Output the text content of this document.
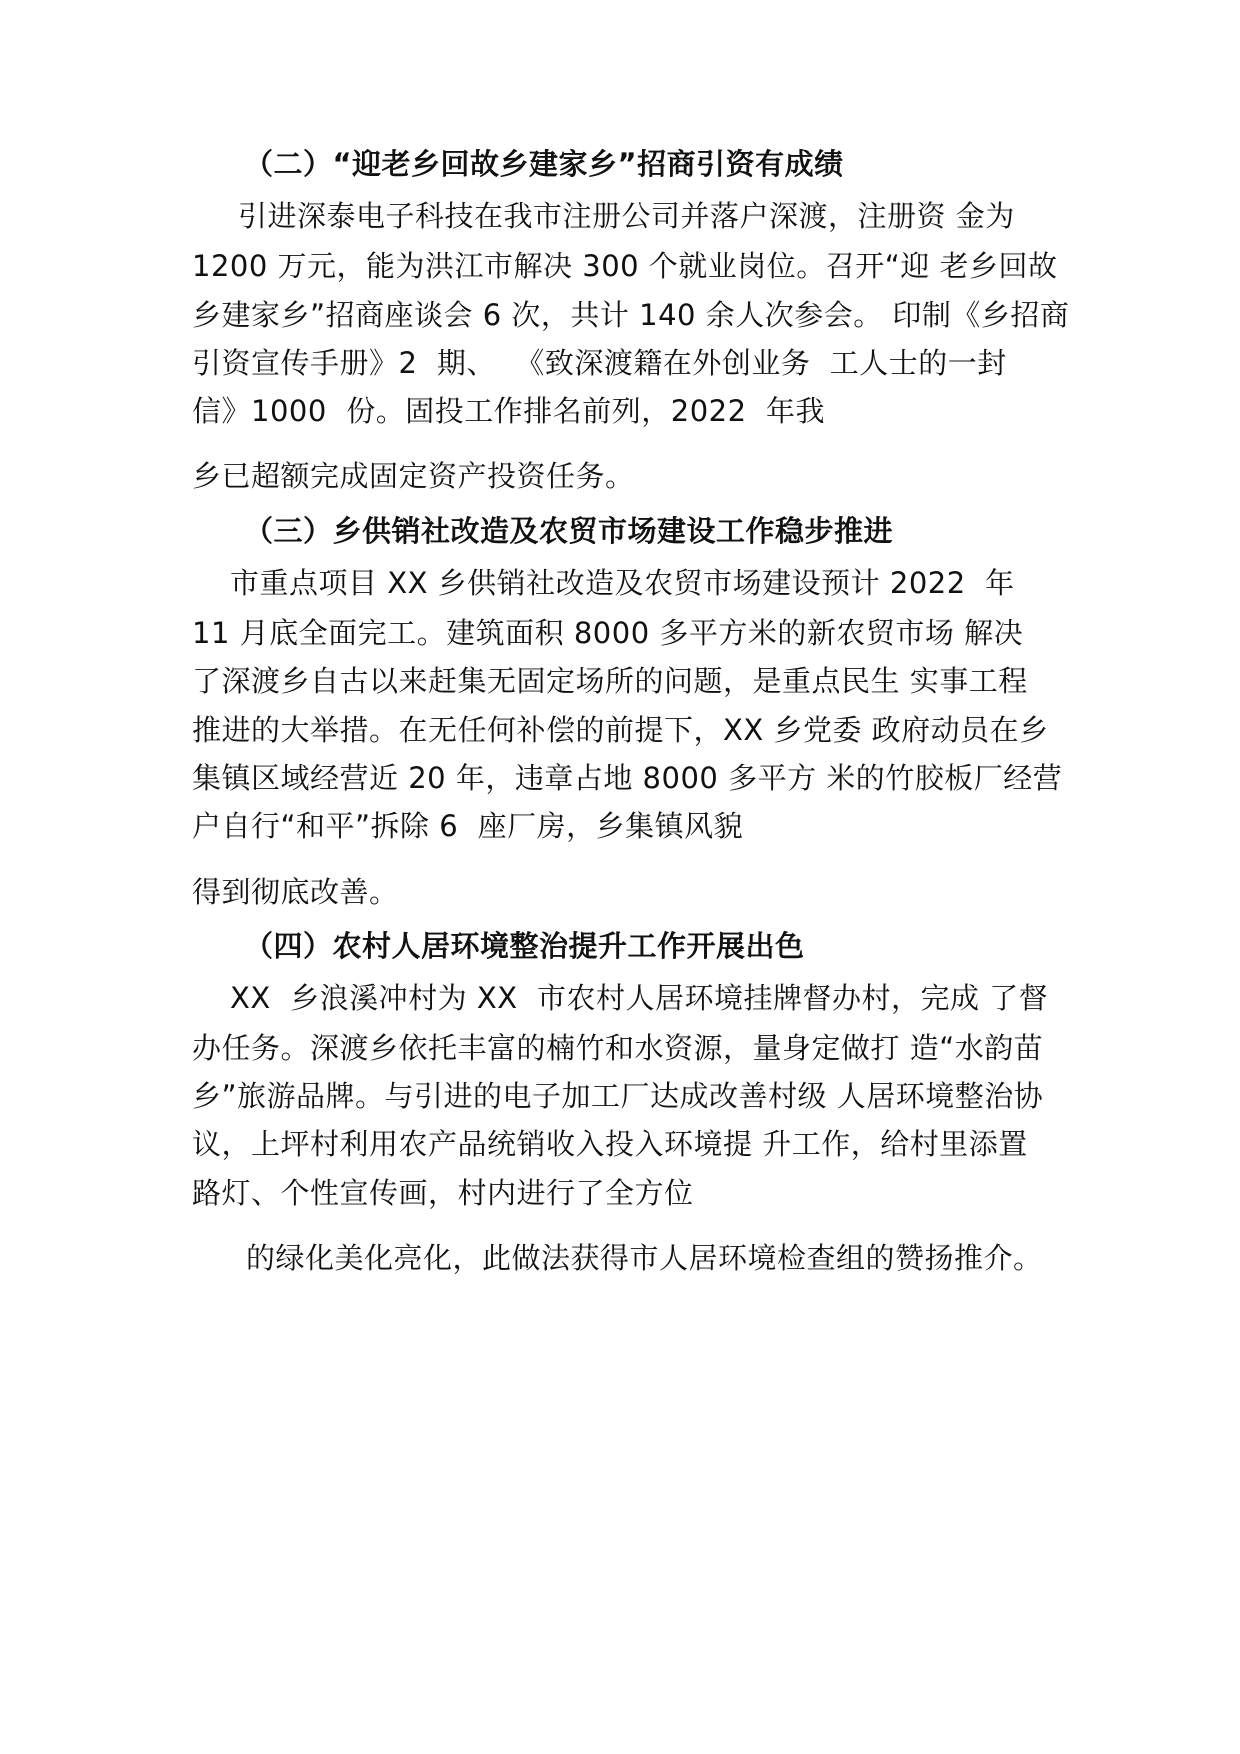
（二）“迎老乡回故乡建家乡”招商引资有成绩
引进深泰电子科技在我市注册公司并落户深渡，注册资 金为
1200 万元，能为洪江市解决 300 个就业岗位。召开“迎 老乡回故
乡建家乡”招商座谈会 6 次，共计 140 余人次参会。 印制《乡招商
引资宣传手册》2  期、  《致深渡籍在外创业务  工人士的一封
信》1000  份。固投工作排名前列，2022  年我
乡已超额完成固定资产投资任务。
（三）乡供销社改造及农贸市场建设工作稳步推进
市重点项目 XX 乡供销社改造及农贸市场建设预计 2022  年
11 月底全面完工。建筑面积 8000 多平方米的新农贸市场 解决
了深渡乡自古以来赶集无固定场所的问题，是重点民生 实事工程
推进的大举措。在无任何补偿的前提下，XX 乡党委 政府动员在乡
集镇区域经营近 20 年，违章占地 8000 多平方 米的竹胶板厂经营
户自行“和平”拆除 6  座厂房，乡集镇风貌
得到彻底改善。
（四）农村人居环境整治提升工作开展出色
XX  乡浪溪冲村为 XX  市农村人居环境挂牌督办村，完成 了督
办任务。深渡乡依托丰富的楠竹和水资源，量身定做打 造“水韵苗
乡”旅游品牌。与引进的电子加工厂达成改善村级 人居环境整治协
议，上坪村利用农产品统销收入投入环境提 升工作，给村里添置
路灯、个性宣传画，村内进行了全方位
的绿化美化亮化，此做法获得市人居环境检查组的赞扬推介。
